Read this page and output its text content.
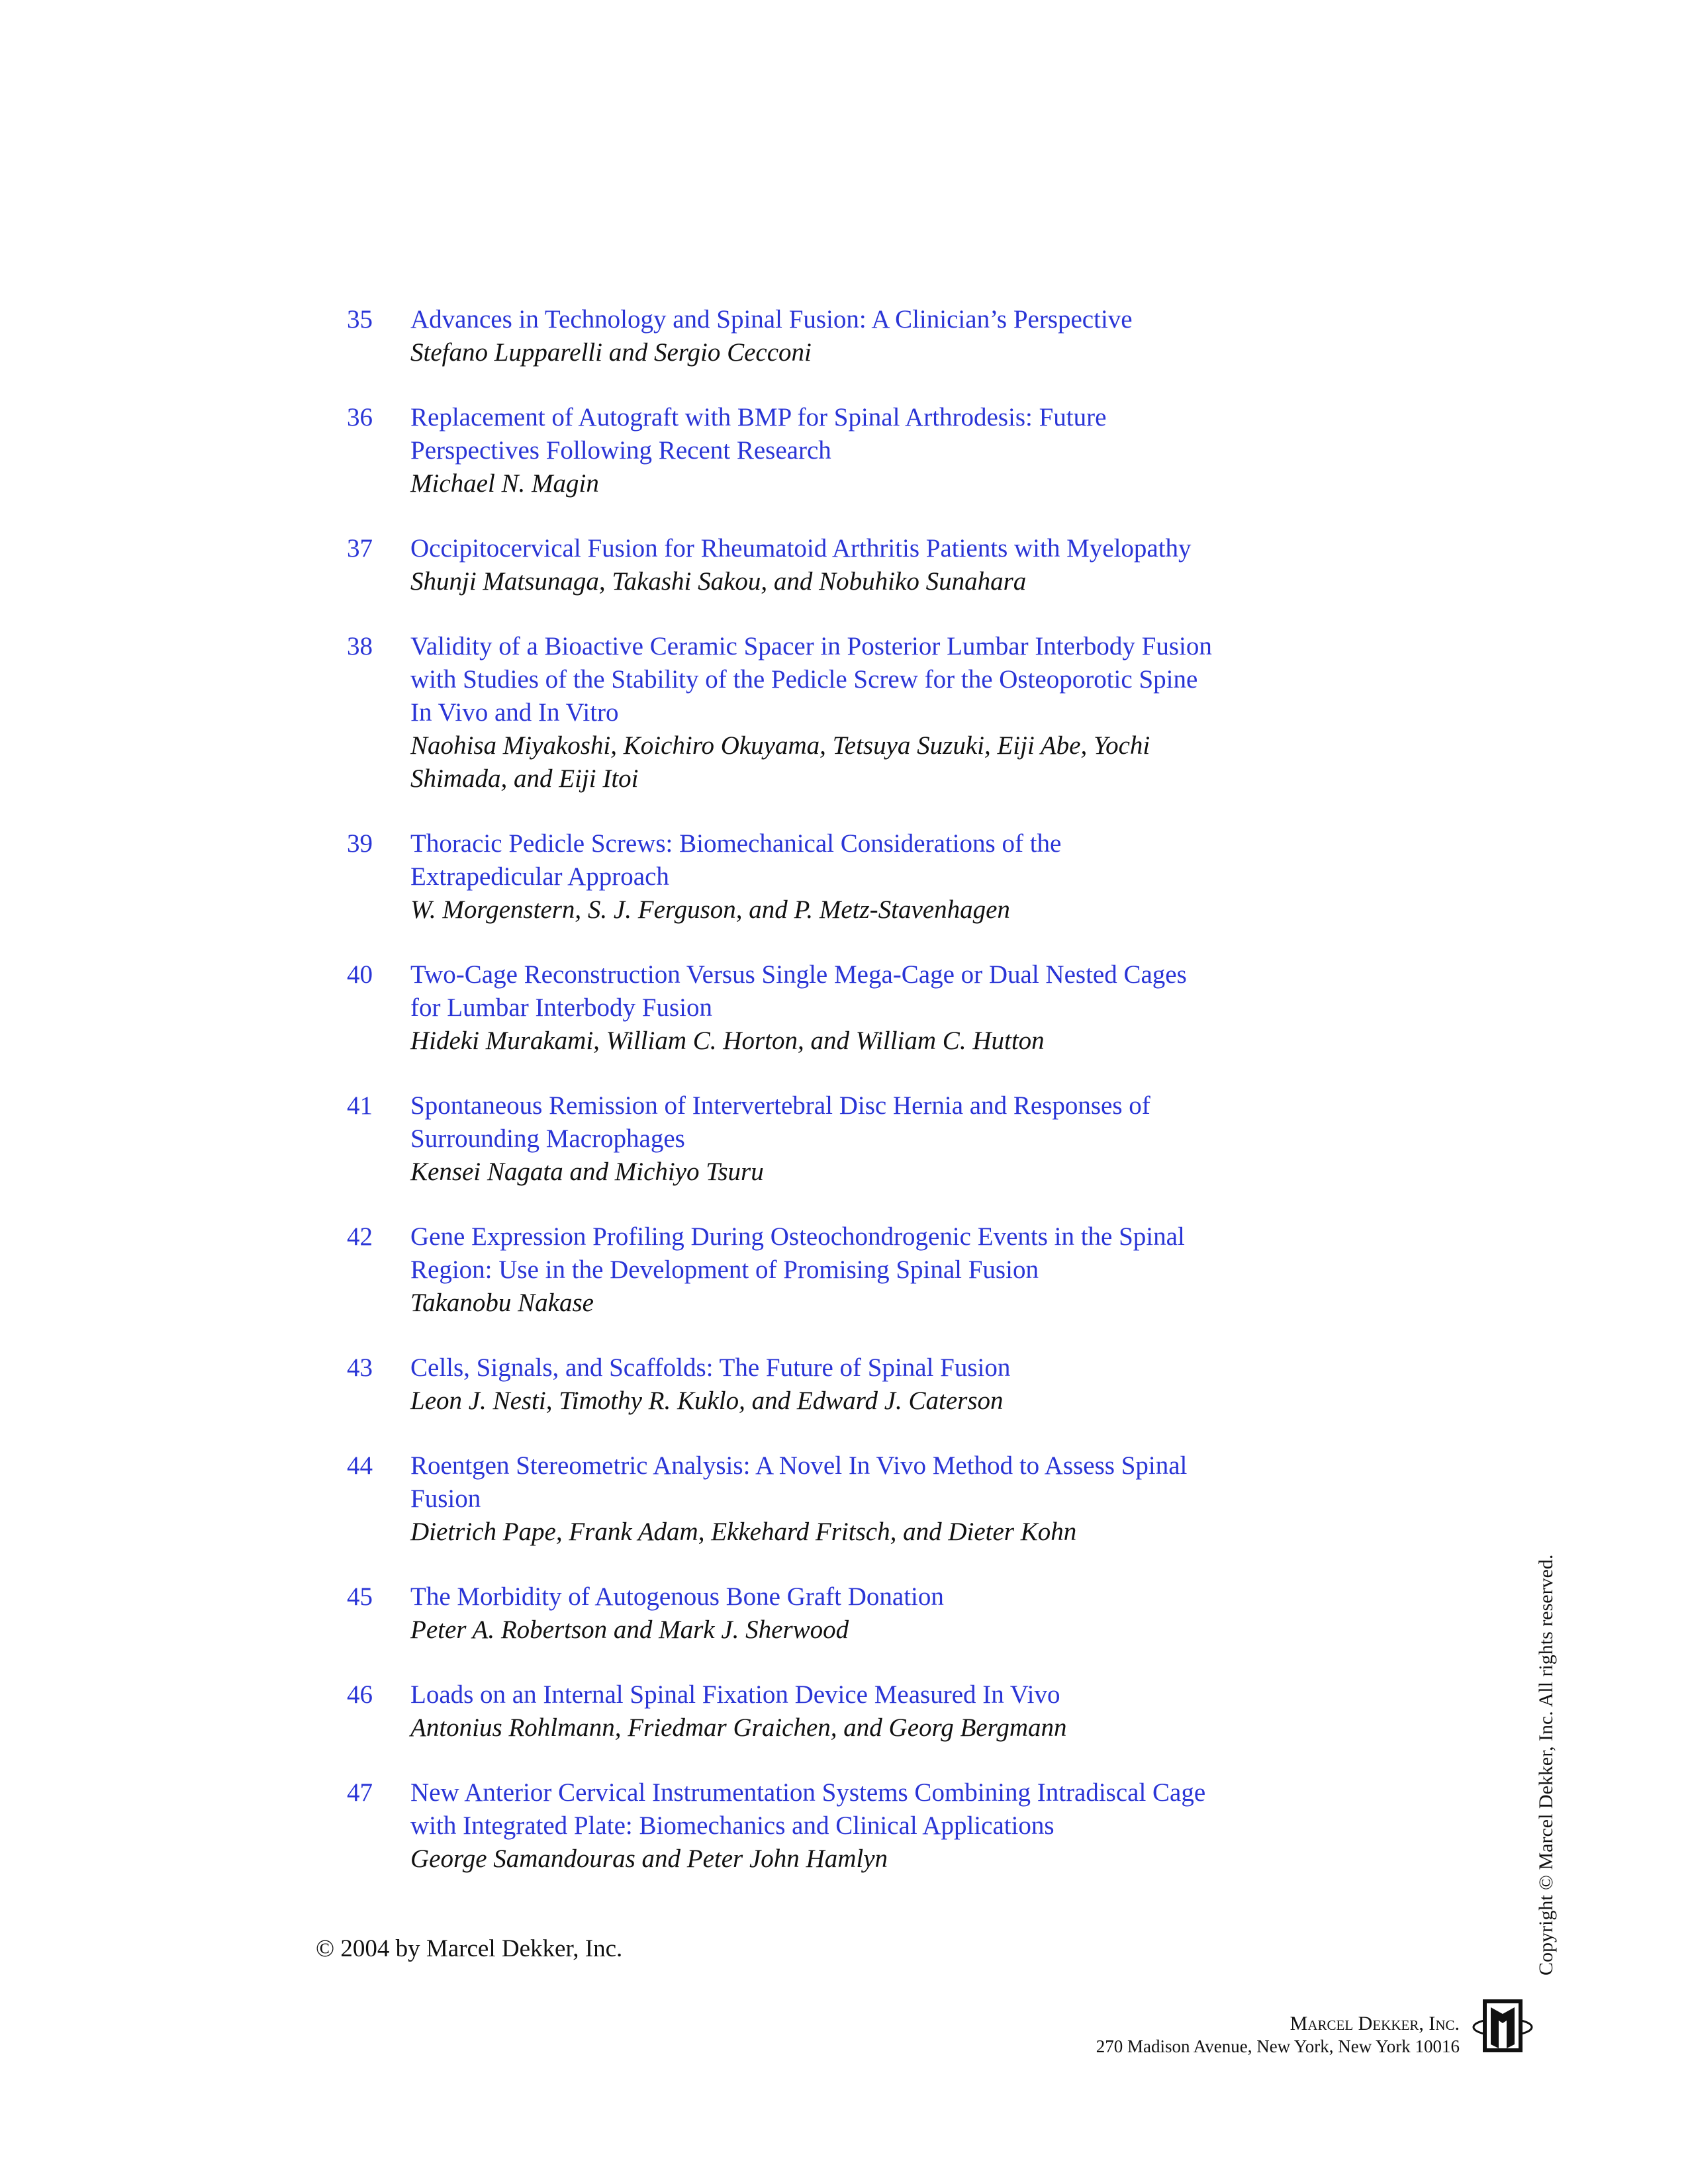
35	Advances in Technology and Spinal Fusion: A Clinician’s Perspective
Stefano Lupparelli and Sergio Cecconi
36	Replacement of Autograft with BMP for Spinal Arthrodesis: Future
Perspectives Following Recent Research
Michael N. Magin
37	Occipitocervical Fusion for Rheumatoid Arthritis Patients with Myelopathy
Shunji Matsunaga, Takashi Sakou, and Nobuhiko Sunahara
38	Validity of a Bioactive Ceramic Spacer in Posterior Lumbar Interbody Fusion
with Studies of the Stability of the Pedicle Screw for the Osteoporotic Spine
In Vivo and In Vitro
Naohisa Miyakoshi, Koichiro Okuyama, Tetsuya Suzuki, Eiji Abe, Yochi
Shimada, and Eiji Itoi
39	Thoracic Pedicle Screws: Biomechanical Considerations of the
Extrapedicular Approach
W. Morgenstern, S. J. Ferguson, and P. Metz-Stavenhagen
40	Two-Cage Reconstruction Versus Single Mega-Cage or Dual Nested Cages
for Lumbar Interbody Fusion
Hideki Murakami, William C. Horton, and William C. Hutton
41	Spontaneous Remission of Intervertebral Disc Hernia and Responses of
Surrounding Macrophages
Kensei Nagata and Michiyo Tsuru
42	Gene Expression Profiling During Osteochondrogenic Events in the Spinal
Region: Use in the Development of Promising Spinal Fusion
Takanobu Nakase
43	Cells, Signals, and Scaffolds: The Future of Spinal Fusion
Leon J. Nesti, Timothy R. Kuklo, and Edward J. Caterson
44	Roentgen Stereometric Analysis: A Novel In Vivo Method to Assess Spinal
Fusion
Dietrich Pape, Frank Adam, Ekkehard Fritsch, and Dieter Kohn
45	The Morbidity of Autogenous Bone Graft Donation
Peter A. Robertson and Mark J. Sherwood
46	Loads on an Internal Spinal Fixation Device Measured In Vivo
Antonius Rohlmann, Friedmar Graichen, and Georg Bergmann
47	New Anterior Cervical Instrumentation Systems Combining Intradiscal Cage
with Integrated Plate: Biomechanics and Clinical Applications
George Samandouras and Peter John Hamlyn
© 2004 by Marcel Dekker, Inc.	Copyright © Marcel Dekker, Inc. All rights reserved.
Marcel Dekker, Inc.
270 Madison Avenue, New York, New York 10016
